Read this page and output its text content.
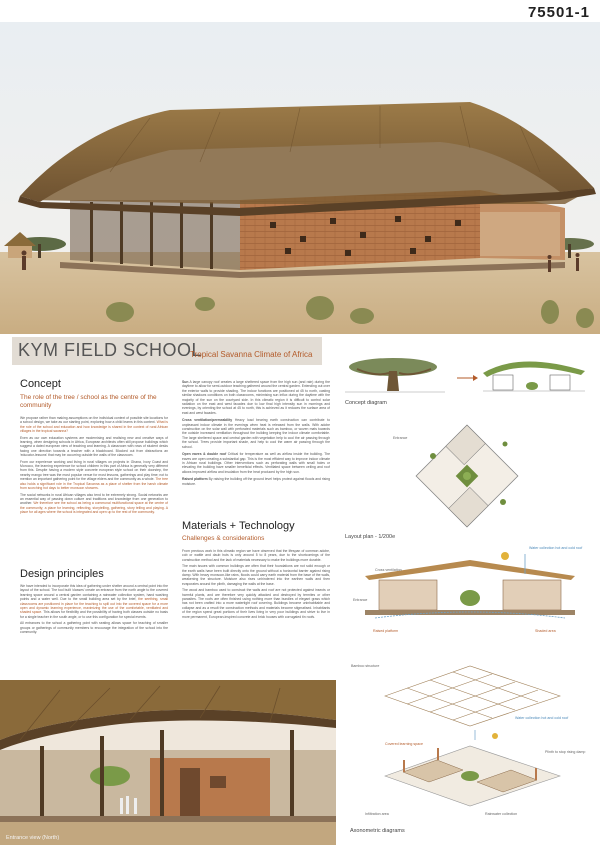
75501-1
KYM FIELD SCHOOL
Tropical Savanna Climate of Africa
Concept
The role of the tree / school as the centre of the community

We propose rather than making assumptions on the individual context of possible site locations for a school design, we take as our starting point, exploring how a child learns in this context. What is the role of the school and education and how knowledge is shared in the context of rural African villages in the tropical savanna?

Even as our own education systems are modernising and realising new and creative ways of learning, when designing schools in Africa, European architects often still propose buildings which suggest a dated european view of teaching and learning. A classroom with rows of student desks facing one direction towards a teacher with a blackboard. Blocked out from distractions an 'educator-lessons' that may be occurring outside the walls of the classroom.

From our experience working and living in rural villages on projects in Ghana, Ivory Coast and Morocco, the learning experience for school children in this part of Africa is generally very different from this. Despite having a modern style concrete european style school on their doorstep, the nearby mango tree was the most popular venue for most lessons, gatherings and play time; not to mention an important gathering point for the village elders and the community as a whole. The tree also holds a significant role in the Tropical Savanna as a place of shelter from the harsh climate from scorching hot days to better monsoon showers.

The social networks in rural African villages also tend to be extremely strong. Social networks are an essential way of passing down culture and traditions and knowledge from one generation to another. We therefore see the school as being a communal multifunctional space at the centre of the community; a place for learning, reflecting, storytelling, gathering, story telling and playing. A place for all ages where the school is integrated and open up to the rest of the community.

Design principles

We have intended to incorporate this idea of gathering under shelter around a central point into the layout of the school. The tool built 'classes' create an entrance from the north angle to the covered learning space around a central garden containing a rainwater collection system, hand washing points and a water well. Due to the small building area set by the brief, the seething, small classrooms are positioned in place for the teaching to spill out into the covered space for a more open and dynamic learning experience, maximizing the use of the comfortable, ventilated and shaded space. This allows for flexibility and the possibility of having both classes outside no basis for a single teacher in the south angle, or to use this configuration for special events.

All entrances to the school a gathering point with seating allows space for teaching of smaller groups or gatherings of community members to encourage the integration of the school into the community.

Sun A large canopy roof creates a large sheltered space from the high sun (and rain) during the daytime to allow for semi-outdoor teaching gathered around the central garden. Extending out over the exterior walls to provide shading. The indoor functions are positioned at 45 to north, casting similar shadows conditions on both classrooms, minimising sun influx during the daytime with the majority of the sun on the courtyard side. In this climatic region it is difficult to control solar radiation on the east and west facades due to low final high intensity sun in mornings and evenings, by orienting the school at 45 to north, this is achieved as it reduces the surface area of east and west facades.

Cross ventilation/permeability Heavy load bearing earth construction can contribute to unpleasant indoor climate in the evenings when heat is released from the walls. With adobe construction on the solar wall with perforated materials such as bamboo, or woven mats towards the outside increased ventilation throughout the building keeping the indoor climate comfortable. The large sheltered space and central garden with vegetation help to cool the air passing through the school. Trees provide important shade, and help to cool the warm air passing through the school.

Open eaves & double roof Critical for temperature as well as airflow inside the building. The eaves are open creating a substantial gap. This is the most efficient way to improve indoor climate in African rural buildings. Other interventions such as perforating walls with small holes or elevating the building have smaller beneficial effects. Ventilated space between ceiling and roof allows improved airflow and insulation from the heat produced by the high sun.

Raised platform By raising the building off the ground level helps protect against floods and rising moisture.

Materials + Technology
Challenges & considerations

From previous work in this climatic region we have observed that the lifespan of common adobe, cob or wattle and daub huts is only around 5 to 8 years, due to the shortcomings of the construction method and the lack of materials necessary to make the buildings more durable.

The main issues with common buildings are often that their foundations are not solid enough or the earth walls have been built directly onto the ground without a horizontal barrier against rising damp. With heavy monsoon-like rains, floods could carry earth material from the base of the walls, weakening the structure. Moisture also rises unhindered into the earthen walls and then evaporates around the plinth, damaging the walls at the base.

The wood and bamboo used to construct the walls and roof are not protected against insects or harmful plants, and are therefore very quickly attacked and destroyed by termites or other parasites. The roofs are often finished using nothing more than bundles of elegant grass which has not been crafted into a more watertight roof covering. Buildings become uninhabitable and collapse and as a result the construction methods and materials become stigmatised. Inhabitants of the region spend great portions of their lives living in very poor buildings and strive to live in more permanent, European-inspired concrete and brick houses with corrugated tin roofs.

Concept diagram
Entrance
Layout plan - 1/200e
Water collection hot and cold roof
Cross ventilation
Entrance
Raised platform	Shaded area
Bamboo structure
Water collection hot and cold roof
Covered learning space
Infiltration area	Rainwater collection
Plinth to stop rising damp
Axonometric diagrams
Entrance view (North)
